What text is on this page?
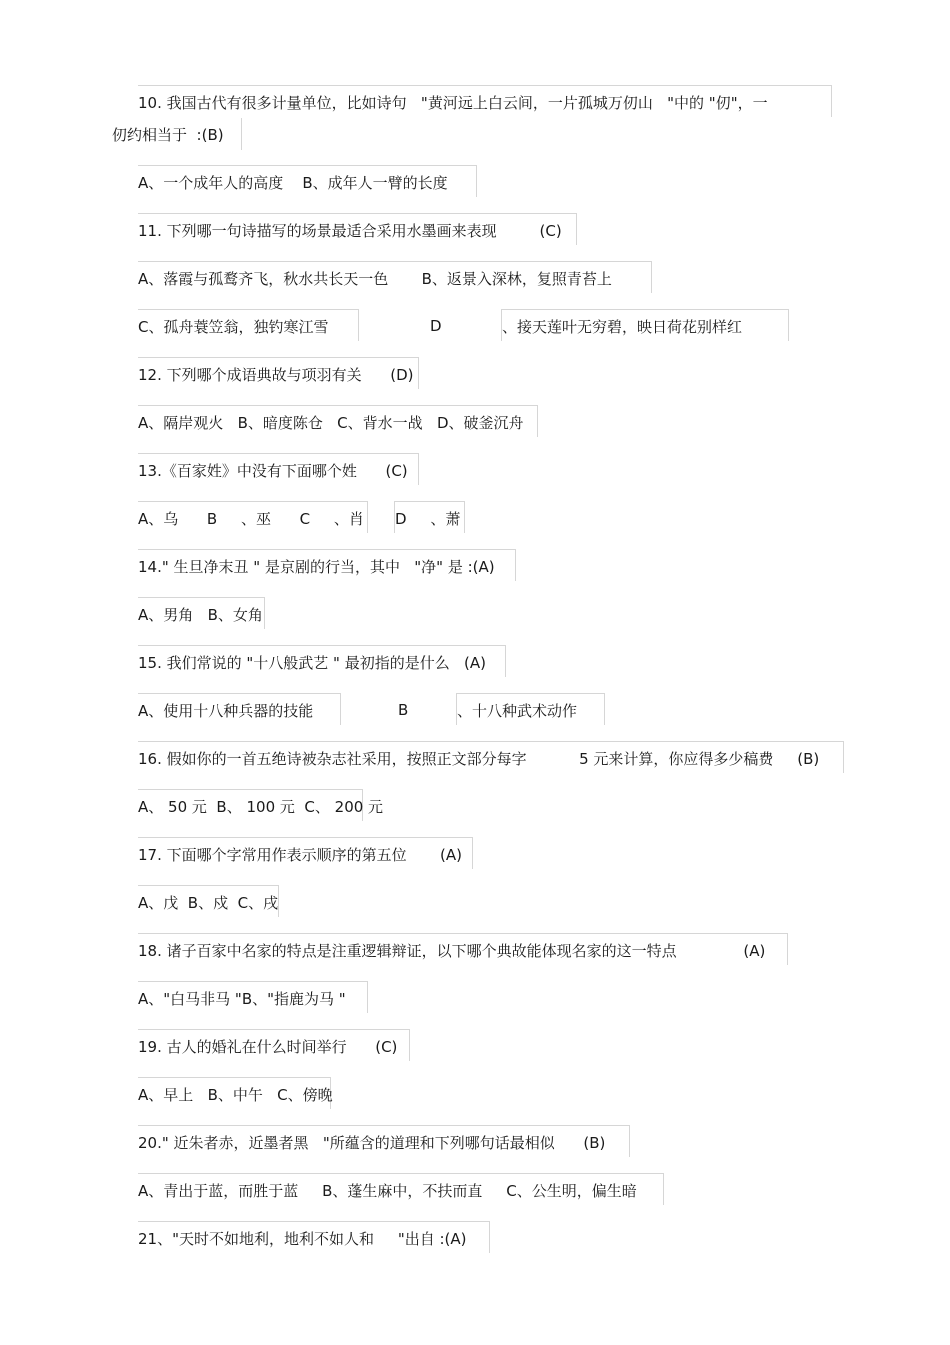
10. 我国古代有很多计量单位，比如诗句   "黄河远上白云间，一片孤城万仞山   "中的 "仞"，一
仞约相当于  :(B)
A、一个成年人的高度    B、成年人一臂的长度
11. 下列哪一句诗描写的场景最适合采用水墨画来表现         (C)
A、落霞与孤鹜齐飞，秋水共长天一色       B、返景入深林，复照青苔上
C、孤舟蓑笠翁，独钓寒江雪	D	、接天莲叶无穷碧，映日荷花别样红
12. 下列哪个成语典故与项羽有关      (D)
A、隔岸观火   B、暗度陈仓   C、背水一战   D、破釜沉舟
13.《百家姓》中没有下面哪个姓      (C)
A、乌      B     、巫      C     、肖 D     、萧
14." 生旦净末丑 " 是京剧的行当，其中   "净" 是 :(A)
A、男角   B、女角
15. 我们常说的 "十八般武艺 " 最初指的是什么   (A)
A、使用十八种兵器的技能	B	、十八种武术动作
16. 假如你的一首五绝诗被杂志社采用，按照正文部分每字           5 元来计算，你应得多少稿费     (B)
A、 50 元  B、 100 元  C、 200 元
17. 下面哪个字常用作表示顺序的第五位       (A)
A、戊  B、戍  C、戌
18. 诸子百家中名家的特点是注重逻辑辩证，以下哪个典故能体现名家的这一特点              (A)
A、"白马非马 "B、"指鹿为马 "
19. 古人的婚礼在什么时间举行      (C)
A、早上   B、中午   C、傍晚
20." 近朱者赤，近墨者黑   "所蕴含的道理和下列哪句话最相似      (B)
A、青出于蓝，而胜于蓝     B、蓬生麻中，不扶而直     C、公生明，偏生暗
21、"天时不如地利，地利不如人和     "出自 :(A)
